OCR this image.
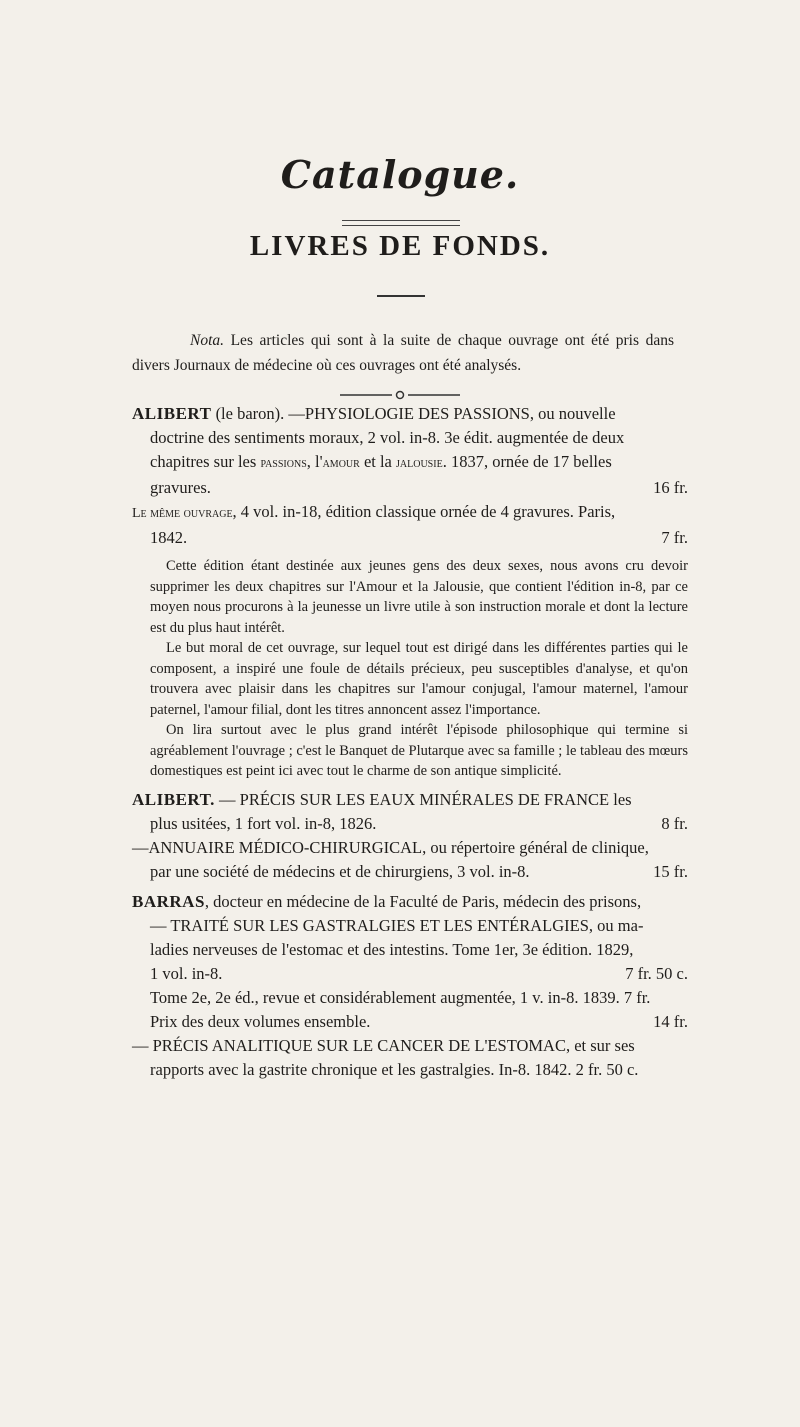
Catalogue.
LIVRES DE FONDS.
Nota. Les articles qui sont à la suite de chaque ouvrage ont été pris dans divers Journaux de médecine où ces ouvrages ont été analysés.
ALIBERT (le baron). —PHYSIOLOGIE DES PASSIONS, ou nouvelle
doctrine des sentiments moraux, 2 vol. in-8. 3e édit. augmentée de deux
chapitres sur les passions, l'amour et la jalousie. 1837, ornée de 17 belles
gravures.	16 fr.
Le même ouvrage, 4 vol. in-18, édition classique ornée de 4 gravures. Paris,
1842.	7 fr.

Cette édition étant destinée aux jeunes gens des deux sexes, nous avons cru devoir supprimer les deux chapitres sur l'Amour et la Jalousie, que contient l'édition in-8, par ce moyen nous procurons à la jeunesse un livre utile à son instruction morale et dont la lecture est du plus haut intérêt.

Le but moral de cet ouvrage, sur lequel tout est dirigé dans les différentes parties qui le composent, a inspiré une foule de détails précieux, peu susceptibles d'analyse, et qu'on trouvera avec plaisir dans les chapitres sur l'amour conjugal, l'amour maternel, l'amour paternel, l'amour filial, dont les titres annoncent assez l'importance.

On lira surtout avec le plus grand intérêt l'épisode philosophique qui termine si agréablement l'ouvrage ; c'est le Banquet de Plutarque avec sa famille ; le tableau des mœurs domestiques est peint ici avec tout le charme de son antique simplicité.

ALIBERT. — PRÉCIS SUR LES EAUX MINÉRALES DE FRANCE les
plus usitées, 1 fort vol. in-8, 1826.	8 fr.
—ANNUAIRE MÉDICO-CHIRURGICAL, ou répertoire général de clinique,
par une société de médecins et de chirurgiens, 3 vol. in-8.	15 fr.
BARRAS, docteur en médecine de la Faculté de Paris, médecin des prisons,
— TRAITÉ SUR LES GASTRALGIES ET LES ENTÉRALGIES, ou ma-
ladies nerveuses de l'estomac et des intestins. Tome 1er, 3e édition. 1829,
1 vol. in-8.	7 fr. 50 c.
Tome 2e, 2e éd., revue et considérablement augmentée, 1 v. in-8. 1839. 7 fr.
Prix des deux volumes ensemble.	14 fr.
— PRÉCIS ANALITIQUE SUR LE CANCER DE L'ESTOMAC, et sur ses
rapports avec la gastrite chronique et les gastralgies. In-8. 1842. 2 fr. 50 c.
